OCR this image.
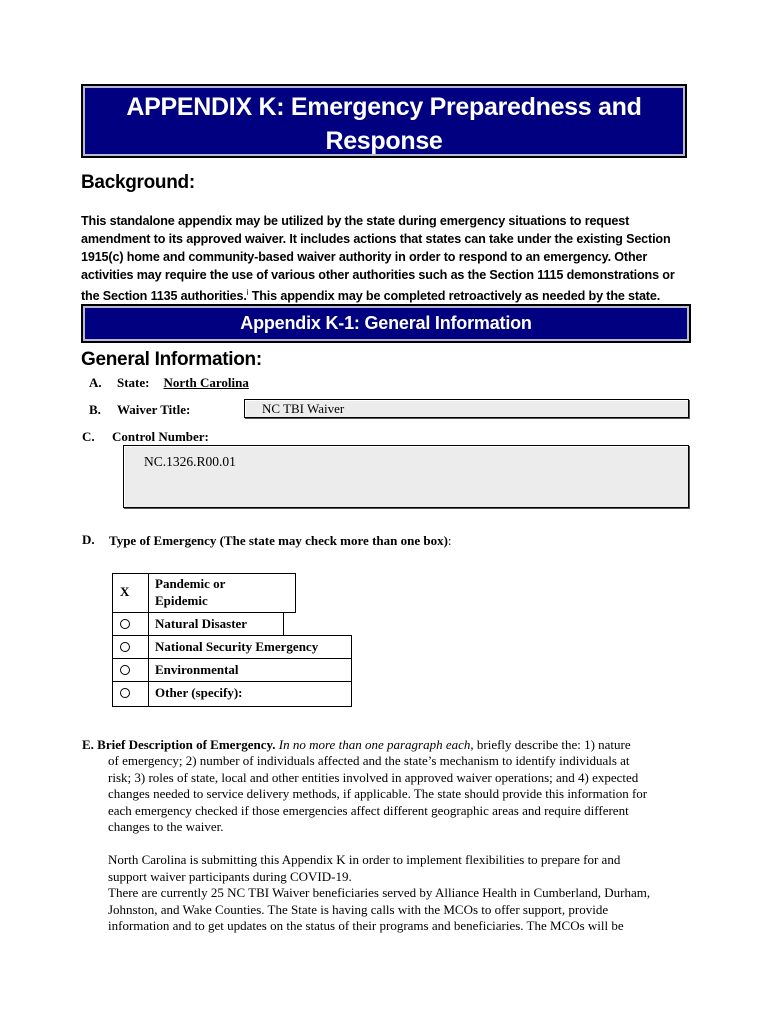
APPENDIX K: Emergency Preparedness and
Response
Background:
This standalone appendix may be utilized by the state during emergency situations to request
amendment to its approved waiver. It includes actions that states can take under the existing Section
1915(c) home and community-based waiver authority in order to respond to an emergency. Other
activities may require the use of various other authorities such as the Section 1115 demonstrations or
the Section 1135 authorities.$^i$ This appendix may be completed retroactively as needed by the state.
Appendix K-1: General Information
General Information:
A. State: North Carolina
B. Waiver Title:	NC TBI Waiver
C. Control Number:
NC.1326.R00.01
D. Type of Emergency (The state may check more than one box):
X
Pandemic or
Epidemic
Natural Disaster
National Security Emergency
Environmental
Other (specify):
E. Brief Description of Emergency. In no more than one paragraph each, briefly describe the: 1) nature
of emergency; 2) number of individuals affected and the state’s mechanism to identify individuals at
risk; 3) roles of state, local and other entities involved in approved waiver operations; and 4) expected
changes needed to service delivery methods, if applicable. The state should provide this information for
each emergency checked if those emergencies affect different geographic areas and require different
changes to the waiver.
North Carolina is submitting this Appendix K in order to implement flexibilities to prepare for and
support waiver participants during COVID-19.
There are currently 25 NC TBI Waiver beneficiaries served by Alliance Health in Cumberland, Durham,
Johnston, and Wake Counties. The State is having calls with the MCOs to offer support, provide
information and to get updates on the status of their programs and beneficiaries. The MCOs will be
